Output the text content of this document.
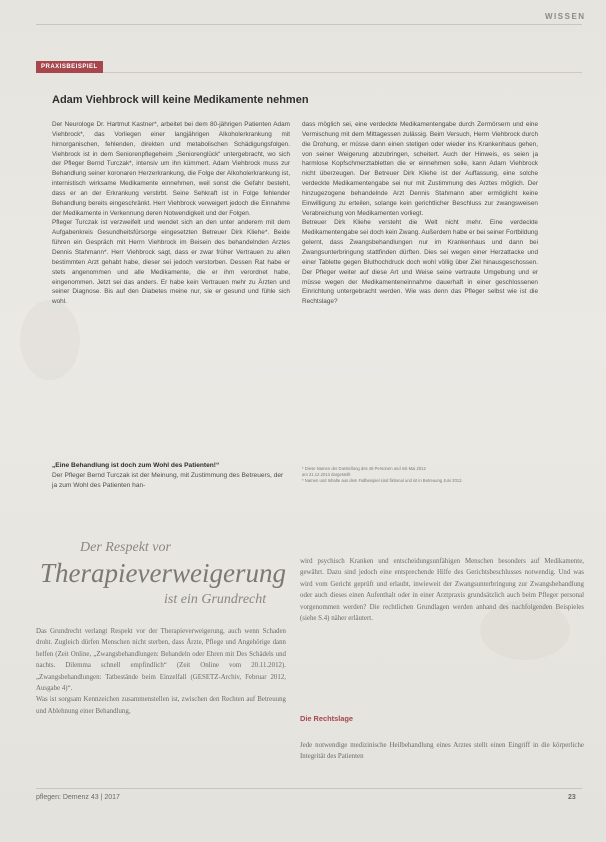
WISSEN
PRAXISBEISPIEL
Adam Viehbrock will keine Medikamente nehmen

Der Neurologe Dr. Hartmut Kastner*, arbeitet bei dem 80-jährigen Patienten Adam Viehbrock*, das Vorliegen einer langjährigen Alkoholerkrankung mit hirnorganischen, fehlenden, direkten und metabolischen Schädigungsfolgen. Viehbrock ist in dem Seniorenpflegeheim „Seniorenglück“ untergebracht, wo sich der Pfleger Bernd Turczak*, intensiv um ihn kümmert. Adam Viehbrock muss zur Behandlung seiner koronaren Herzerkrankung, die Folge der Alkoholerkrankung ist, internistisch wirksame Medikamente einnehmen, weil sonst die Gefahr besteht, dass er an der Erkrankung verstirbt. Seine Sehkraft ist in Folge fehlender Behandlung bereits eingeschränkt. Herr Viehbrock verweigert jedoch die Einnahme der Medikamente in Verkennung deren Notwendigkeit und der Folgen.

Pfleger Turczak ist verzweifelt und wendet sich an den unter anderem mit dem Aufgabenkreis Gesundheitsfürsorge eingesetzten Betreuer Dirk Kliehe*. Beide führen ein Gespräch mit Herrn Viehbrock im Beisein des behandelnden Arztes Dennis Stahmann*. Herr Viehbrock sagt, dass er zwar früher Vertrauen zu allen bestimmten Arzt gehabt habe, dieser sei jedoch verstorben. Dessen Rat habe er stets angenommen und alle Medikamente, die er ihm verordnet habe, eingenommen. Jetzt sei das anders. Er habe kein Vertrauen mehr zu Ärzten und seiner Diagnose. Bis auf den Diabetes meine nur, sie er gesund und fühle sich wohl.

dass möglich sei, eine verdeckte Medikamentengabe durch Zermörsern und eine Vermischung mit dem Mittagessen zulässig. Beim Versuch, Herrn Viehbrock durch die Drohung, er müsse dann einen stetigen oder wieder ins Krankenhaus gehen, von seiner Weigerung abzubringen, scheitert. Auch der Hinweis, es seien ja harmlose Kopfschmerztabletten die er einnehmen solle, kann Adam Viehbrock nicht überzeugen. Der Betreuer Dirk Kliehe ist der Auffassung, eine solche verdeckte Medikamentengabe sei nur mit Zustimmung des Arztes möglich. Der hinzugezogene behandelnde Arzt Dennis Stahmann aber ermöglicht keine Einwilligung zu erteilen, solange kein gerichtlicher Beschluss zur zwangsweisen Verabreichung von Medikamenten vorliegt.

Betreuer Dirk Kliehe versteht die Welt nicht mehr. Eine verdeckte Medikamentengabe sei doch kein Zwang. Außerdem habe er bei seiner Fortbildung gelernt, dass Zwangsbehandlungen nur im Krankenhaus und dann bei Zwangsunterbringung stattfinden dürften. Dies sei wegen einer Herzattacke und einer Tablette gegen Bluthochdruck doch wohl völlig über Ziel hinausgeschossen. Der Pfleger weiter auf diese Art und Weise seine vertraute Umgebung und er müsse wegen der Medikamenteneinnahme dauerhaft in einer geschlossenen Einrichtung untergebracht werden. Wie was denn das Pfleger selbst wie ist die Rechtslage?

„Eine Behandlung ist doch zum Wohl des Patienten!“
Der Pfleger Bernd Turczak ist der Meinung, mit Zustimmung des Betreuers, der ja zum Wohl des Patienten han-
* Diese Namen der Darstellung des 48 Personen und mit Mai 2012
am 21.12.2013 dargestellt
* Namen und Inhalte aus dem Fallbeispiel sind fiktional und ist in Betreuung Juni 2012.
Der Respekt vor
Therapieverweigerung
ist ein Grundrecht

Das Grundrecht verlangt Respekt vor der Therapieverweigerung, auch wenn Schaden droht. Zugleich dürfen Menschen nicht sterben, dass Ärzte, Pflege und Angehörige dann helfen (Zeit Online, „Zwangsbehandlungen: Behandeln oder Ehren mit Des Schädels und nachts. Dilemma schnell empfindlich“ (Zeit Online vom 20.11.2012). „Zwangsbehandlungen: Tatbestände beim Einzelfall (GESETZ-Archiv, Februar 2012, Ausgabe 4)“.

Was ist sorgsam Kennzeichen zusammenstellen ist, zwischen den Rechten auf Betreuung und Ablehnung einer Behandlung,

wird psychisch Kranken und entscheidungsunfähigen Menschen besonders auf Medikamente, gewährt. Dazu sind jedoch eine entsprechende Hilfe des Gerichtsbeschlusses notwendig. Und was wird vom Gericht geprüft und erlaubt, inwieweit der Zwangsunterbringung zur Zwangsbehandlung oder auch dieses einen Aufenthalt oder in einer Arztpraxis grundsätzlich auch beim Pfleger personal vorgenommen werden? Die rechtlichen Grundlagen werden anhand des nachfolgenden Beispieles (siehe S.4) näher erläutert.

Die Rechtslage
Jede notwendige medizinische Heilbehandlung eines Arztes stellt einen Eingriff in die körperliche Integrität des Patienten
pflegen: Demenz 43 | 2017	23
